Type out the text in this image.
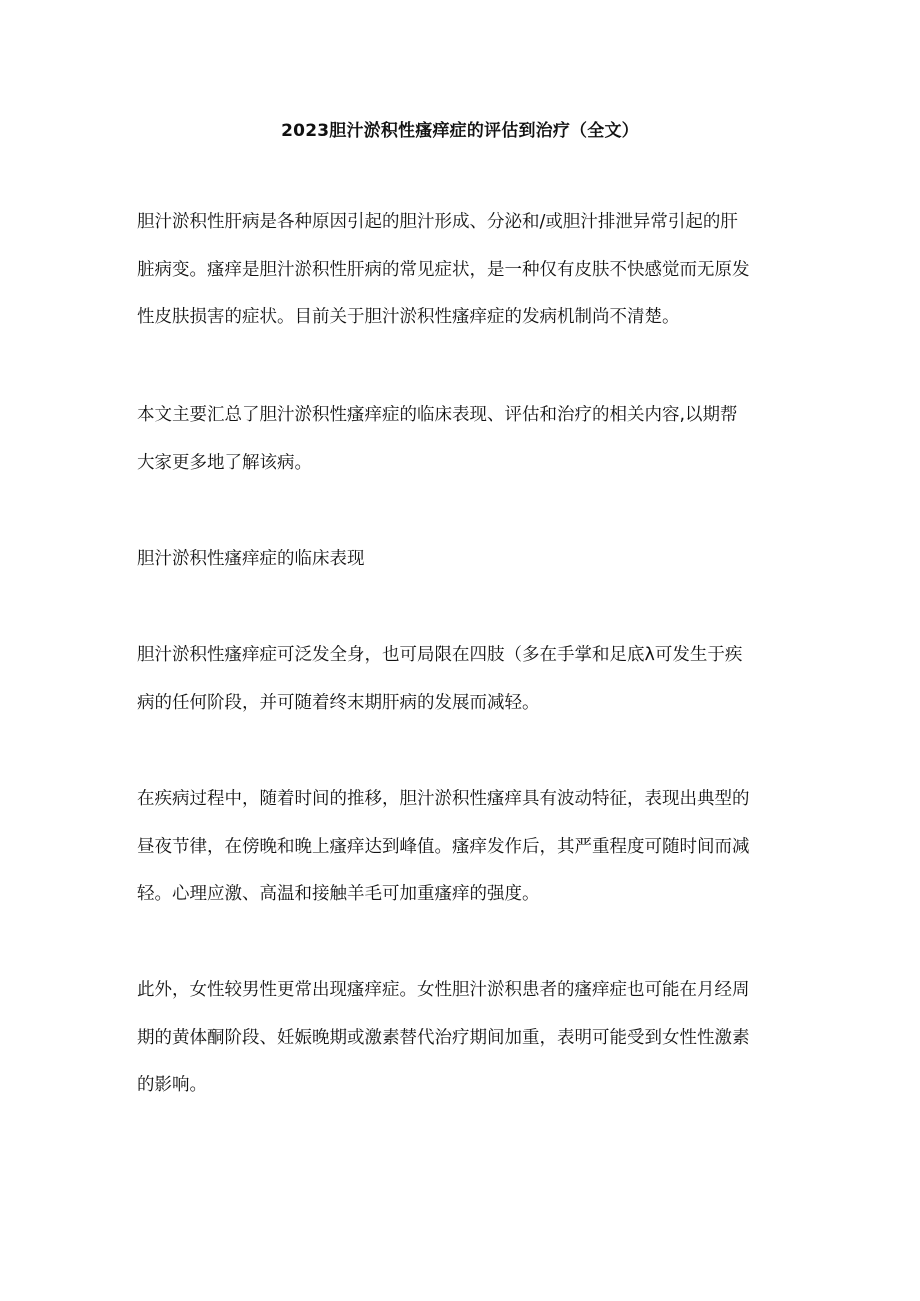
2023胆汁淤积性瘙痒症的评估到治疗（全文）
胆汁淤积性肝病是各种原因引起的胆汁形成、分泌和/或胆汁排泄异常引起的肝
脏病变。瘙痒是胆汁淤积性肝病的常见症状，是一种仅有皮肤不快感觉而无原发
性皮肤损害的症状。目前关于胆汁淤积性瘙痒症的发病机制尚不清楚。
本文主要汇总了胆汁淤积性瘙痒症的临床表现、评估和治疗的相关内容,以期帮
大家更多地了解该病。
胆汁淤积性瘙痒症的临床表现
胆汁淤积性瘙痒症可泛发全身，也可局限在四肢（多在手掌和足底λ可发生于疾
病的任何阶段，并可随着终末期肝病的发展而减轻。
在疾病过程中，随着时间的推移，胆汁淤积性瘙痒具有波动特征，表现出典型的
昼夜节律，在傍晚和晚上瘙痒达到峰值。瘙痒发作后，其严重程度可随时间而减
轻。心理应激、高温和接触羊毛可加重瘙痒的强度。
此外，女性较男性更常出现瘙痒症。女性胆汁淤积患者的瘙痒症也可能在月经周
期的黄体酮阶段、妊娠晚期或激素替代治疗期间加重，表明可能受到女性性激素
的影响。
